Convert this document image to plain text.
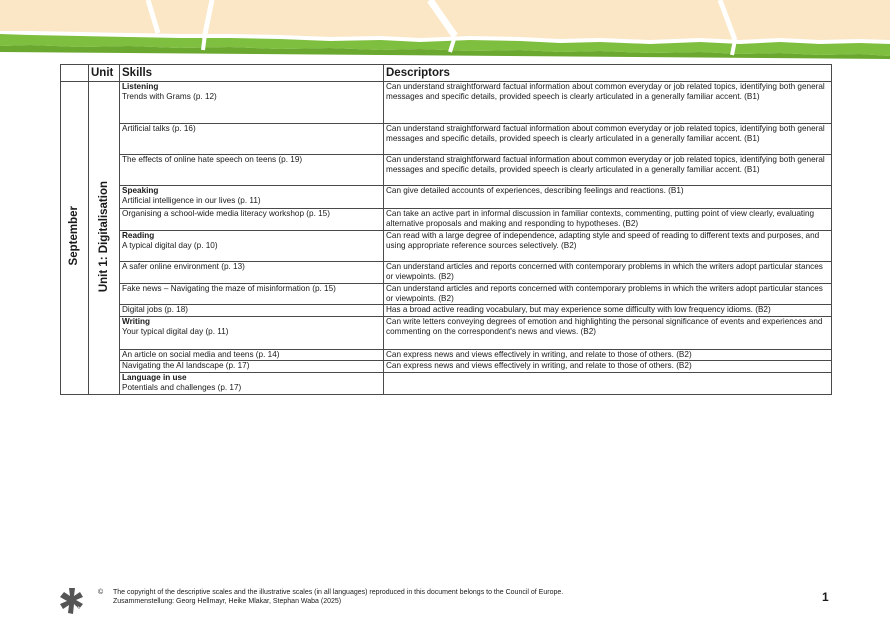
	Unit	Skills	Descriptors
September	Unit 1: Digitalisation	Listening
Trends with Grams (p. 12)	Can understand straightforward factual information about common everyday or job related topics, identifying both general messages and specific details, provided speech is clearly articulated in a generally familiar accent. (B1)

		Artificial talks (p. 16)	Can understand straightforward factual information about common everyday or job related topics, identifying both general messages and specific details, provided speech is clearly articulated in a generally familiar accent. (B1)

		The effects of online hate speech on teens (p. 19)	Can understand straightforward factual information about common everyday or job related topics, identifying both general messages and specific details, provided speech is clearly articulated in a generally familiar accent. (B1)

		Speaking
Artificial intelligence in our lives (p. 11)	Can give detailed accounts of experiences, describing feelings and reactions. (B1)

		Organising a school-wide media literacy workshop (p. 15)	Can take an active part in informal discussion in familiar contexts, commenting, putting point of view clearly, evaluating alternative proposals and making and responding to hypotheses. (B2)

		Reading
A typical digital day (p. 10)	Can read with a large degree of independence, adapting style and speed of reading to different texts and purposes, and using appropriate reference sources selectively. (B2)

		A safer online environment (p. 13)	Can understand articles and reports concerned with contemporary problems in which the writers adopt particular stances or viewpoints. (B2)

		Fake news – Navigating the maze of misinformation (p. 15)	Can understand articles and reports concerned with contemporary problems in which the writers adopt particular stances or viewpoints. (B2)

		Digital jobs (p. 18)	Has a broad active reading vocabulary, but may experience some difficulty with low frequency idioms. (B2)

		Writing
Your typical digital day (p. 11)	Can write letters conveying degrees of emotion and highlighting the personal significance of events and experiences and commenting on the correspondent's news and views. (B2)

		An article on social media and teens (p. 14)	Can express news and views effectively in writing, and relate to those of others. (B2)

		Navigating the AI landscape (p. 17)	Can express news and views effectively in writing, and relate to those of others. (B2)

		Language in use
Potentials and challenges (p. 17)	

öbv
© The copyright of the descriptive scales and the illustrative scales (in all languages) reproduced in this document belongs to the Council of Europe.
Zusammenstellung: Georg Hellmayr, Heike Mlakar, Stephan Waba (2025)	1
